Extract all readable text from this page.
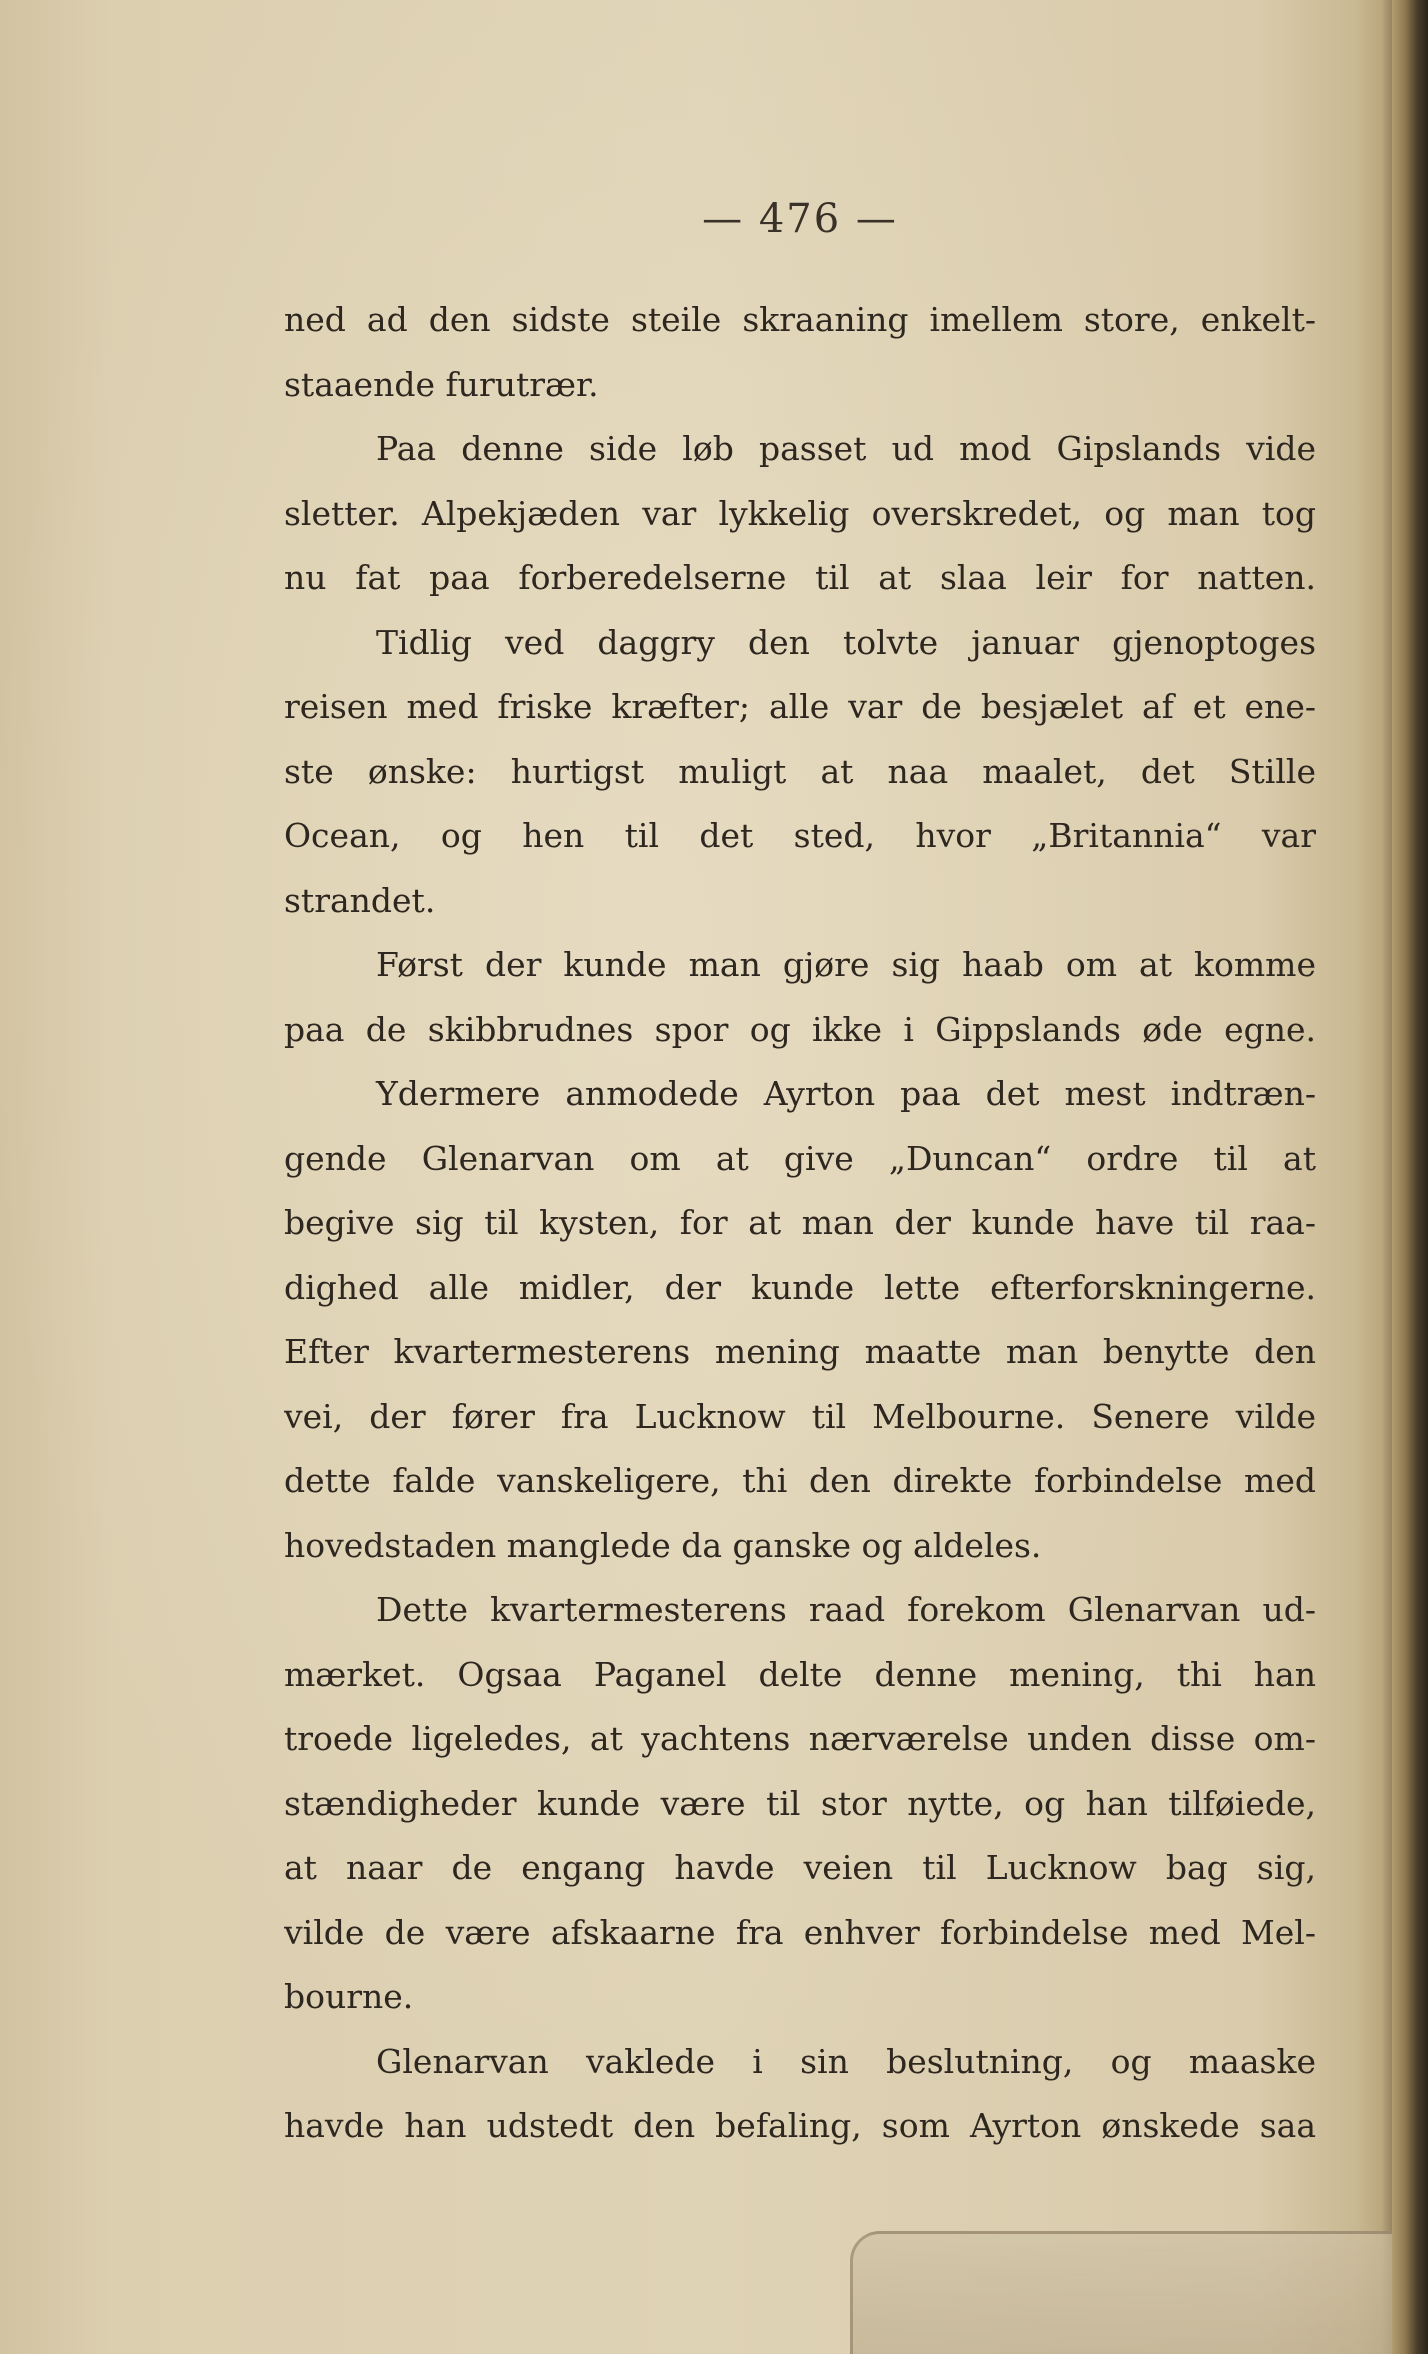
— 476 —
ned ad den sidste steile skraaning imellem store, enkelt-
staaende furutrær.
Paa denne side løb passet ud mod Gipslands vide
sletter. Alpekjæden var lykkelig overskredet, og man tog
nu fat paa forberedelserne til at slaa leir for natten.
Tidlig ved daggry den tolvte januar gjenoptoges
reisen med friske kræfter; alle var de besjælet af et ene-
ste ønske: hurtigst muligt at naa maalet, det Stille
Ocean, og hen til det sted, hvor „Britannia“ var
strandet.
Først der kunde man gjøre sig haab om at komme
paa de skibbrudnes spor og ikke i Gippslands øde egne.
Ydermere anmodede Ayrton paa det mest indtræn-
gende Glenarvan om at give „Duncan“ ordre til at
begive sig til kysten, for at man der kunde have til raa-
dighed alle midler, der kunde lette efterforskningerne.
Efter kvartermesterens mening maatte man benytte den
vei, der fører fra Lucknow til Melbourne. Senere vilde
dette falde vanskeligere, thi den direkte forbindelse med
hovedstaden manglede da ganske og aldeles.
Dette kvartermesterens raad forekom Glenarvan ud-
mærket. Ogsaa Paganel delte denne mening, thi han
troede ligeledes, at yachtens nærværelse unden disse om-
stændigheder kunde være til stor nytte, og han tilføiede,
at naar de engang havde veien til Lucknow bag sig,
vilde de være afskaarne fra enhver forbindelse med Mel-
bourne.
Glenarvan vaklede i sin beslutning, og maaske
havde han udstedt den befaling, som Ayrton ønskede saa
